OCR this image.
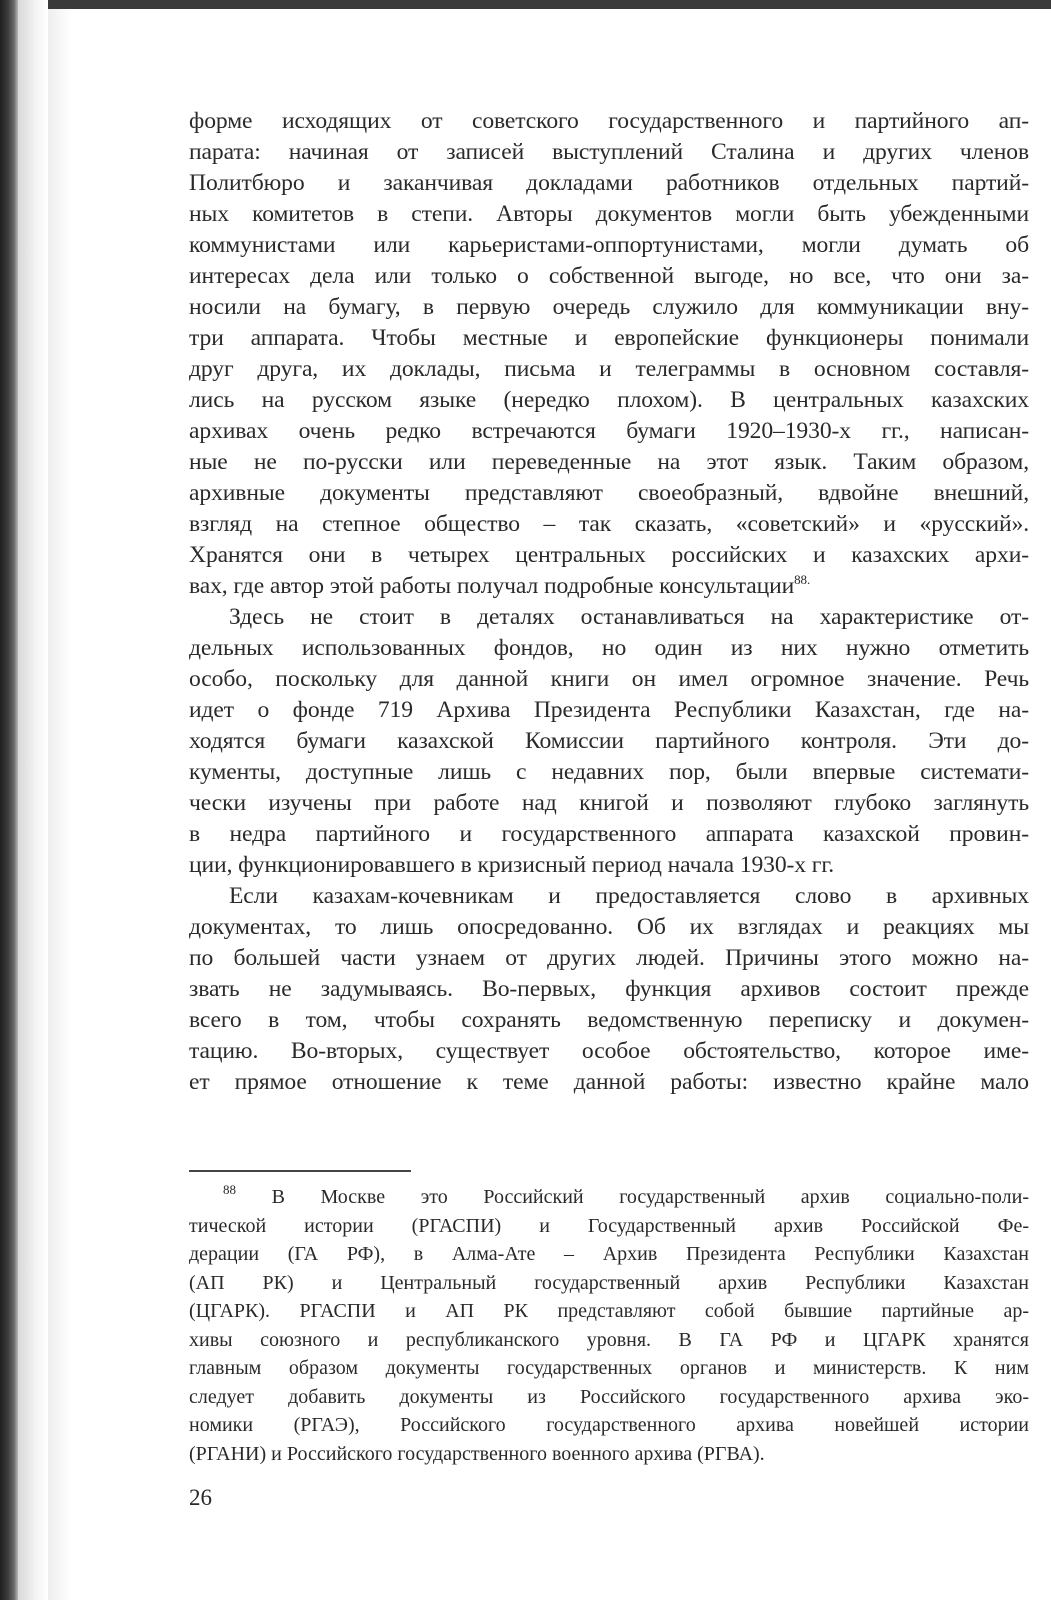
форме исходящих от советского государственного и партийного ап-
парата: начиная от записей выступлений Сталина и других членов
Политбюро и заканчивая докладами работников отдельных партий-
ных комитетов в степи. Авторы документов могли быть убежденными
коммунистами или карьеристами-оппортунистами, могли думать об
интересах дела или только о собственной выгоде, но все, что они за-
носили на бумагу, в первую очередь служило для коммуникации вну-
три аппарата. Чтобы местные и европейские функционеры понимали
друг друга, их доклады, письма и телеграммы в основном составля-
лись на русском языке (нередко плохом). В центральных казахских
архивах очень редко встречаются бумаги 1920–1930-х гг., написан-
ные не по-русски или переведенные на этот язык. Таким образом,
архивные документы представляют своеобразный, вдвойне внешний,
взгляд на степное общество – так сказать, «советский» и «русский».
Хранятся они в четырех центральных российских и казахских архи-
вах, где автор этой работы получал подробные консультации$^{88.}$
Здесь не стоит в деталях останавливаться на характеристике от-
дельных использованных фондов, но один из них нужно отметить
особо, поскольку для данной книги он имел огромное значение. Речь
идет о фонде 719 Архива Президента Республики Казахстан, где на-
ходятся бумаги казахской Комиссии партийного контроля. Эти до-
кументы, доступные лишь с недавних пор, были впервые системати-
чески изучены при работе над книгой и позволяют глубоко заглянуть
в недра партийного и государственного аппарата казахской провин-
ции, функционировавшего в кризисный период начала 1930-х гг.
Если казахам-кочевникам и предоставляется слово в архивных
документах, то лишь опосредованно. Об их взглядах и реакциях мы
по большей части узнаем от других людей. Причины этого можно на-
звать не задумываясь. Во-первых, функция архивов состоит прежде
всего в том, чтобы сохранять ведомственную переписку и докумен-
тацию. Во-вторых, существует особое обстоятельство, которое име-
ет прямое отношение к теме данной работы: известно крайне мало
$^{88}$ В Москве это Российский государственный архив социально-поли-
тической истории (РГАСПИ) и Государственный архив Российской Фе-
дерации (ГА РФ), в Алма-Ате – Архив Президента Республики Казахстан
(АП РК) и Центральный государственный архив Республики Казахстан
(ЦГАРК). РГАСПИ и АП РК представляют собой бывшие партийные ар-
хивы союзного и республиканского уровня. В ГА РФ и ЦГАРК хранятся
главным образом документы государственных органов и министерств. К ним
следует добавить документы из Российского государственного архива эко-
номики (РГАЭ), Российского государственного архива новейшей истории
(РГАНИ) и Российского государственного военного архива (РГВА).
26
